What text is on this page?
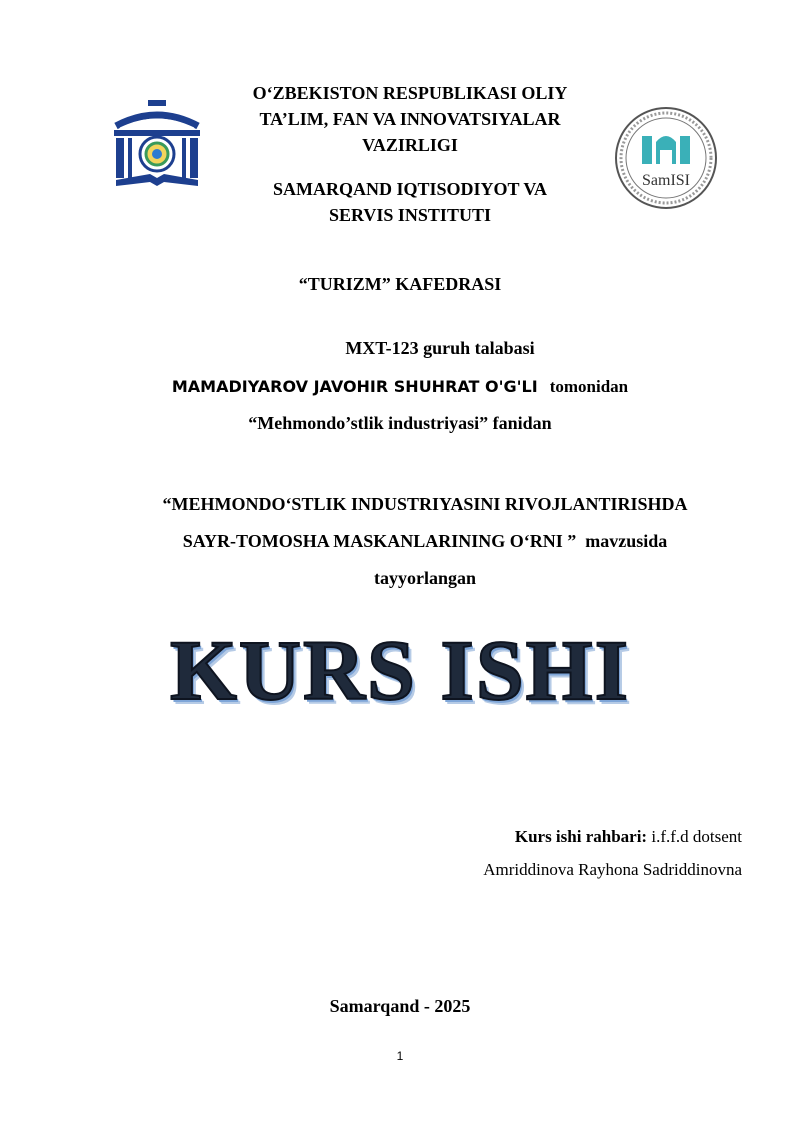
SamISI
O‘ZBEKISTON RESPUBLIKASI OLIY
TA’LIM, FAN VA INNOVATSIYALAR
VAZIRLIGI
SAMARQAND IQTISODIYOT VA
SERVIS INSTITUTI
“TURIZM” KAFEDRASI
MXT-123 guruh talabasi
MAMADIYAROV JAVOHIR SHUHRAT O'G'LI tomonidan
“Mehmondo’stlik industriyasi” fanidan
“MEHMONDO‘STLIK INDUSTRIYASINI RIVOJLANTIRISHDA
SAYR-TOMOSHA MASKANLARINING O‘RNI ” mavzusida
tayyorlangan
KURS ISHI
Kurs ishi rahbari: i.f.f.d dotsent
Amriddinova Rayhona Sadriddinovna
Samarqand - 2025
1
